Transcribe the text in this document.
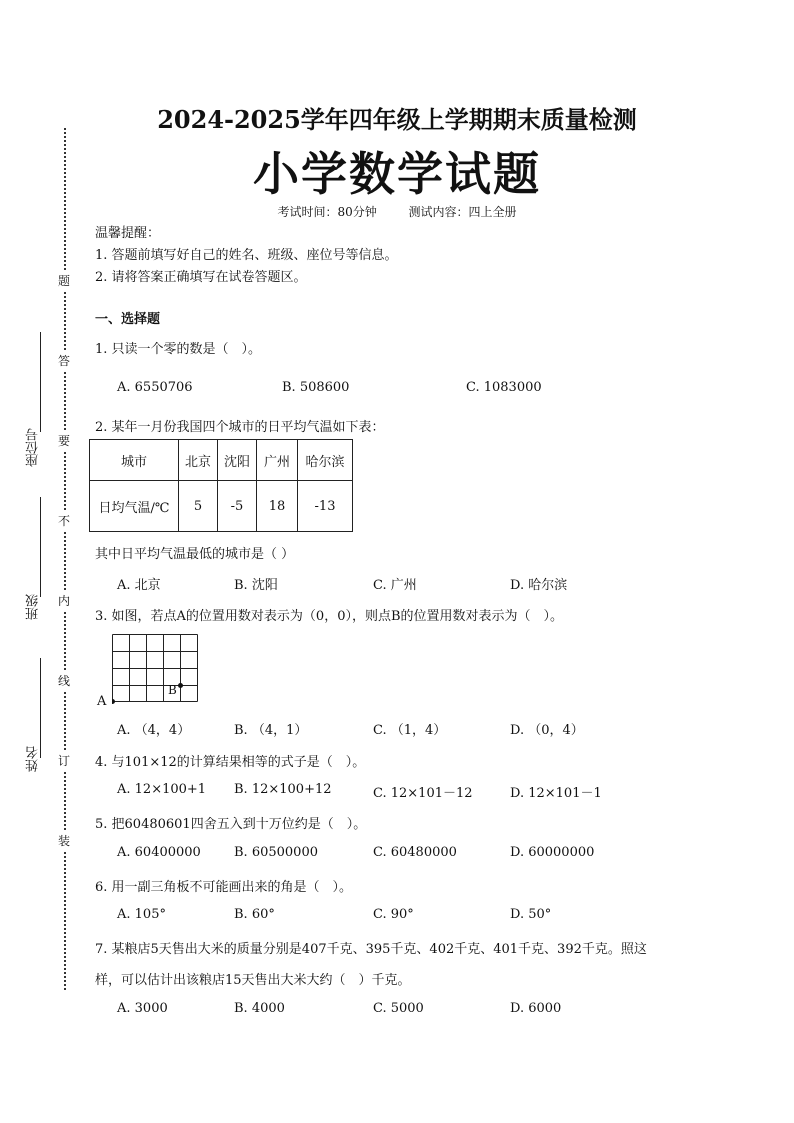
题
答
要
不
内
线
订
装
座位号
班级
姓名
2024-2025学年四年级上学期期末质量检测
小学数学试题
考试时间：80分钟	测试内容：四上全册
温馨提醒：
1. 答题前填写好自己的姓名、班级、座位号等信息。
2. 请将答案正确填写在试卷答题区。
一、选择题
1. 只读一个零的数是（　）。
A. 6550706	B. 508600	C. 1083000
2. 某年一月份我国四个城市的日平均气温如下表：
城市	北京	沈阳	广州	哈尔滨
日均气温/℃	5	-5	18	-13
其中日平均气温最低的城市是（ ）
A. 北京	B. 沈阳	C. 广州	D. 哈尔滨
3. 如图，若点A的位置用数对表示为（0，0），则点B的位置用数对表示为（　）。
A
B
A. （4，4）	B. （4，1）	C. （1，4）	D. （0，4）
4. 与101×12的计算结果相等的式子是（　）。
A. 12×100+1 B. 12×100+12	C. 12×101－12	D. 12×101－1
5. 把60480601四舍五入到十万位约是（　）。
A. 60400000	B. 60500000	C. 60480000	D. 60000000
6. 用一副三角板不可能画出来的角是（　）。
A. 105°	B. 60°	C. 90°	D. 50°
7. 某粮店5天售出大米的质量分别是407千克、395千克、402千克、401千克、392千克。照这
样，可以估计出该粮店15天售出大米大约（　）千克。
A. 3000	B. 4000	C. 5000	D. 6000
